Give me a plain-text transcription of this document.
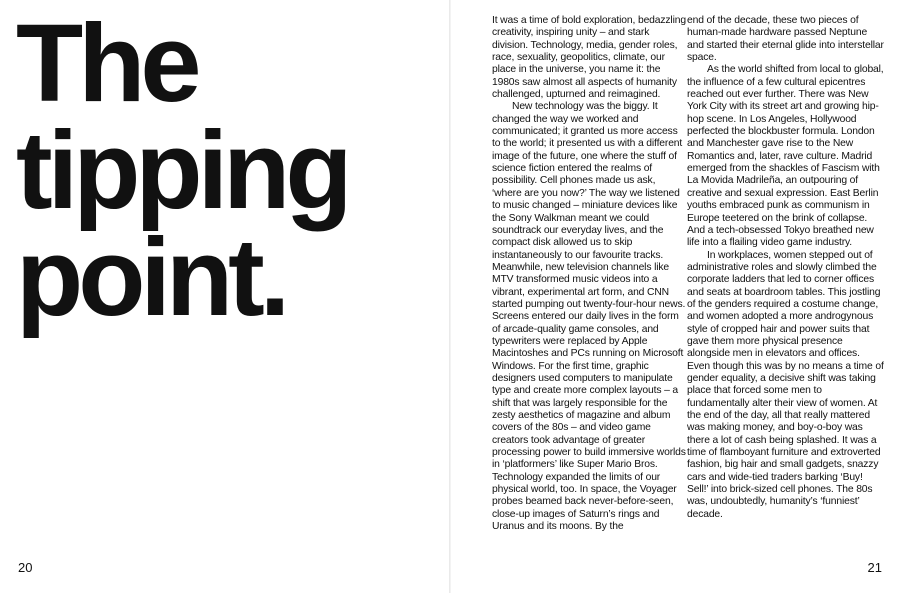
The
tipping
point.
20

It was a time of bold exploration, bedazzling creativity, inspiring unity – and stark division. Technology, media, gender roles, race, sexuality, geopolitics, climate, our place in the universe, you name it: the 1980s saw almost all aspects of humanity challenged, upturned and reimagined.

New technology was the biggy. It changed the way we worked and communicated; it granted us more access to the world; it presented us with a different image of the future, one where the stuff of science fiction entered the realms of possibility. Cell phones made us ask, ‘where are you now?’ The way we listened to music changed – miniature devices like the Sony Walkman meant we could soundtrack our everyday lives, and the compact disk allowed us to skip instantaneously to our favourite tracks. Meanwhile, new television channels like MTV transformed music videos into a vibrant, experimental art form, and CNN started pumping out twenty-four-hour news. Screens entered our daily lives in the form of arcade-quality game consoles, and typewriters were replaced by Apple Macintoshes and PCs running on Microsoft Windows. For the first time, graphic designers used computers to manipulate type and create more complex layouts – a shift that was largely responsible for the zesty aesthetics of magazine and album covers of the 80s – and video game creators took advantage of greater processing power to build immersive worlds in ‘platformers’ like Super Mario Bros. Technology expanded the limits of our physical world, too. In space, the Voyager probes beamed back never-before-seen, close-up images of Saturn’s rings and Uranus and its moons. By the

end of the decade, these two pieces of human-made hardware passed Neptune and started their eternal glide into interstellar space.

As the world shifted from local to global, the influence of a few cultural epicentres reached out ever further. There was New York City with its street art and growing hip-hop scene. In Los Angeles, Hollywood perfected the blockbuster formula. London and Manchester gave rise to the New Romantics and, later, rave culture. Madrid emerged from the shackles of Fascism with La Movida Madrileña, an outpouring of creative and sexual expression. East Berlin youths embraced punk as communism in Europe teetered on the brink of collapse. And a tech-obsessed Tokyo breathed new life into a flailing video game industry.

In workplaces, women stepped out of administrative roles and slowly climbed the corporate ladders that led to corner offices and seats at boardroom tables. This jostling of the genders required a costume change, and women adopted a more androgynous style of cropped hair and power suits that gave them more physical presence alongside men in elevators and offices. Even though this was by no means a time of gender equality, a decisive shift was taking place that forced some men to fundamentally alter their view of women. At the end of the day, all that really mattered was making money, and boy-o-boy was there a lot of cash being splashed. It was a time of flamboyant furniture and extroverted fashion, big hair and small gadgets, snazzy cars and wide-tied traders barking ‘Buy! Sell!’ into brick-sized cell phones. The 80s was, undoubtedly, humanity’s ‘funniest’ decade.

21
